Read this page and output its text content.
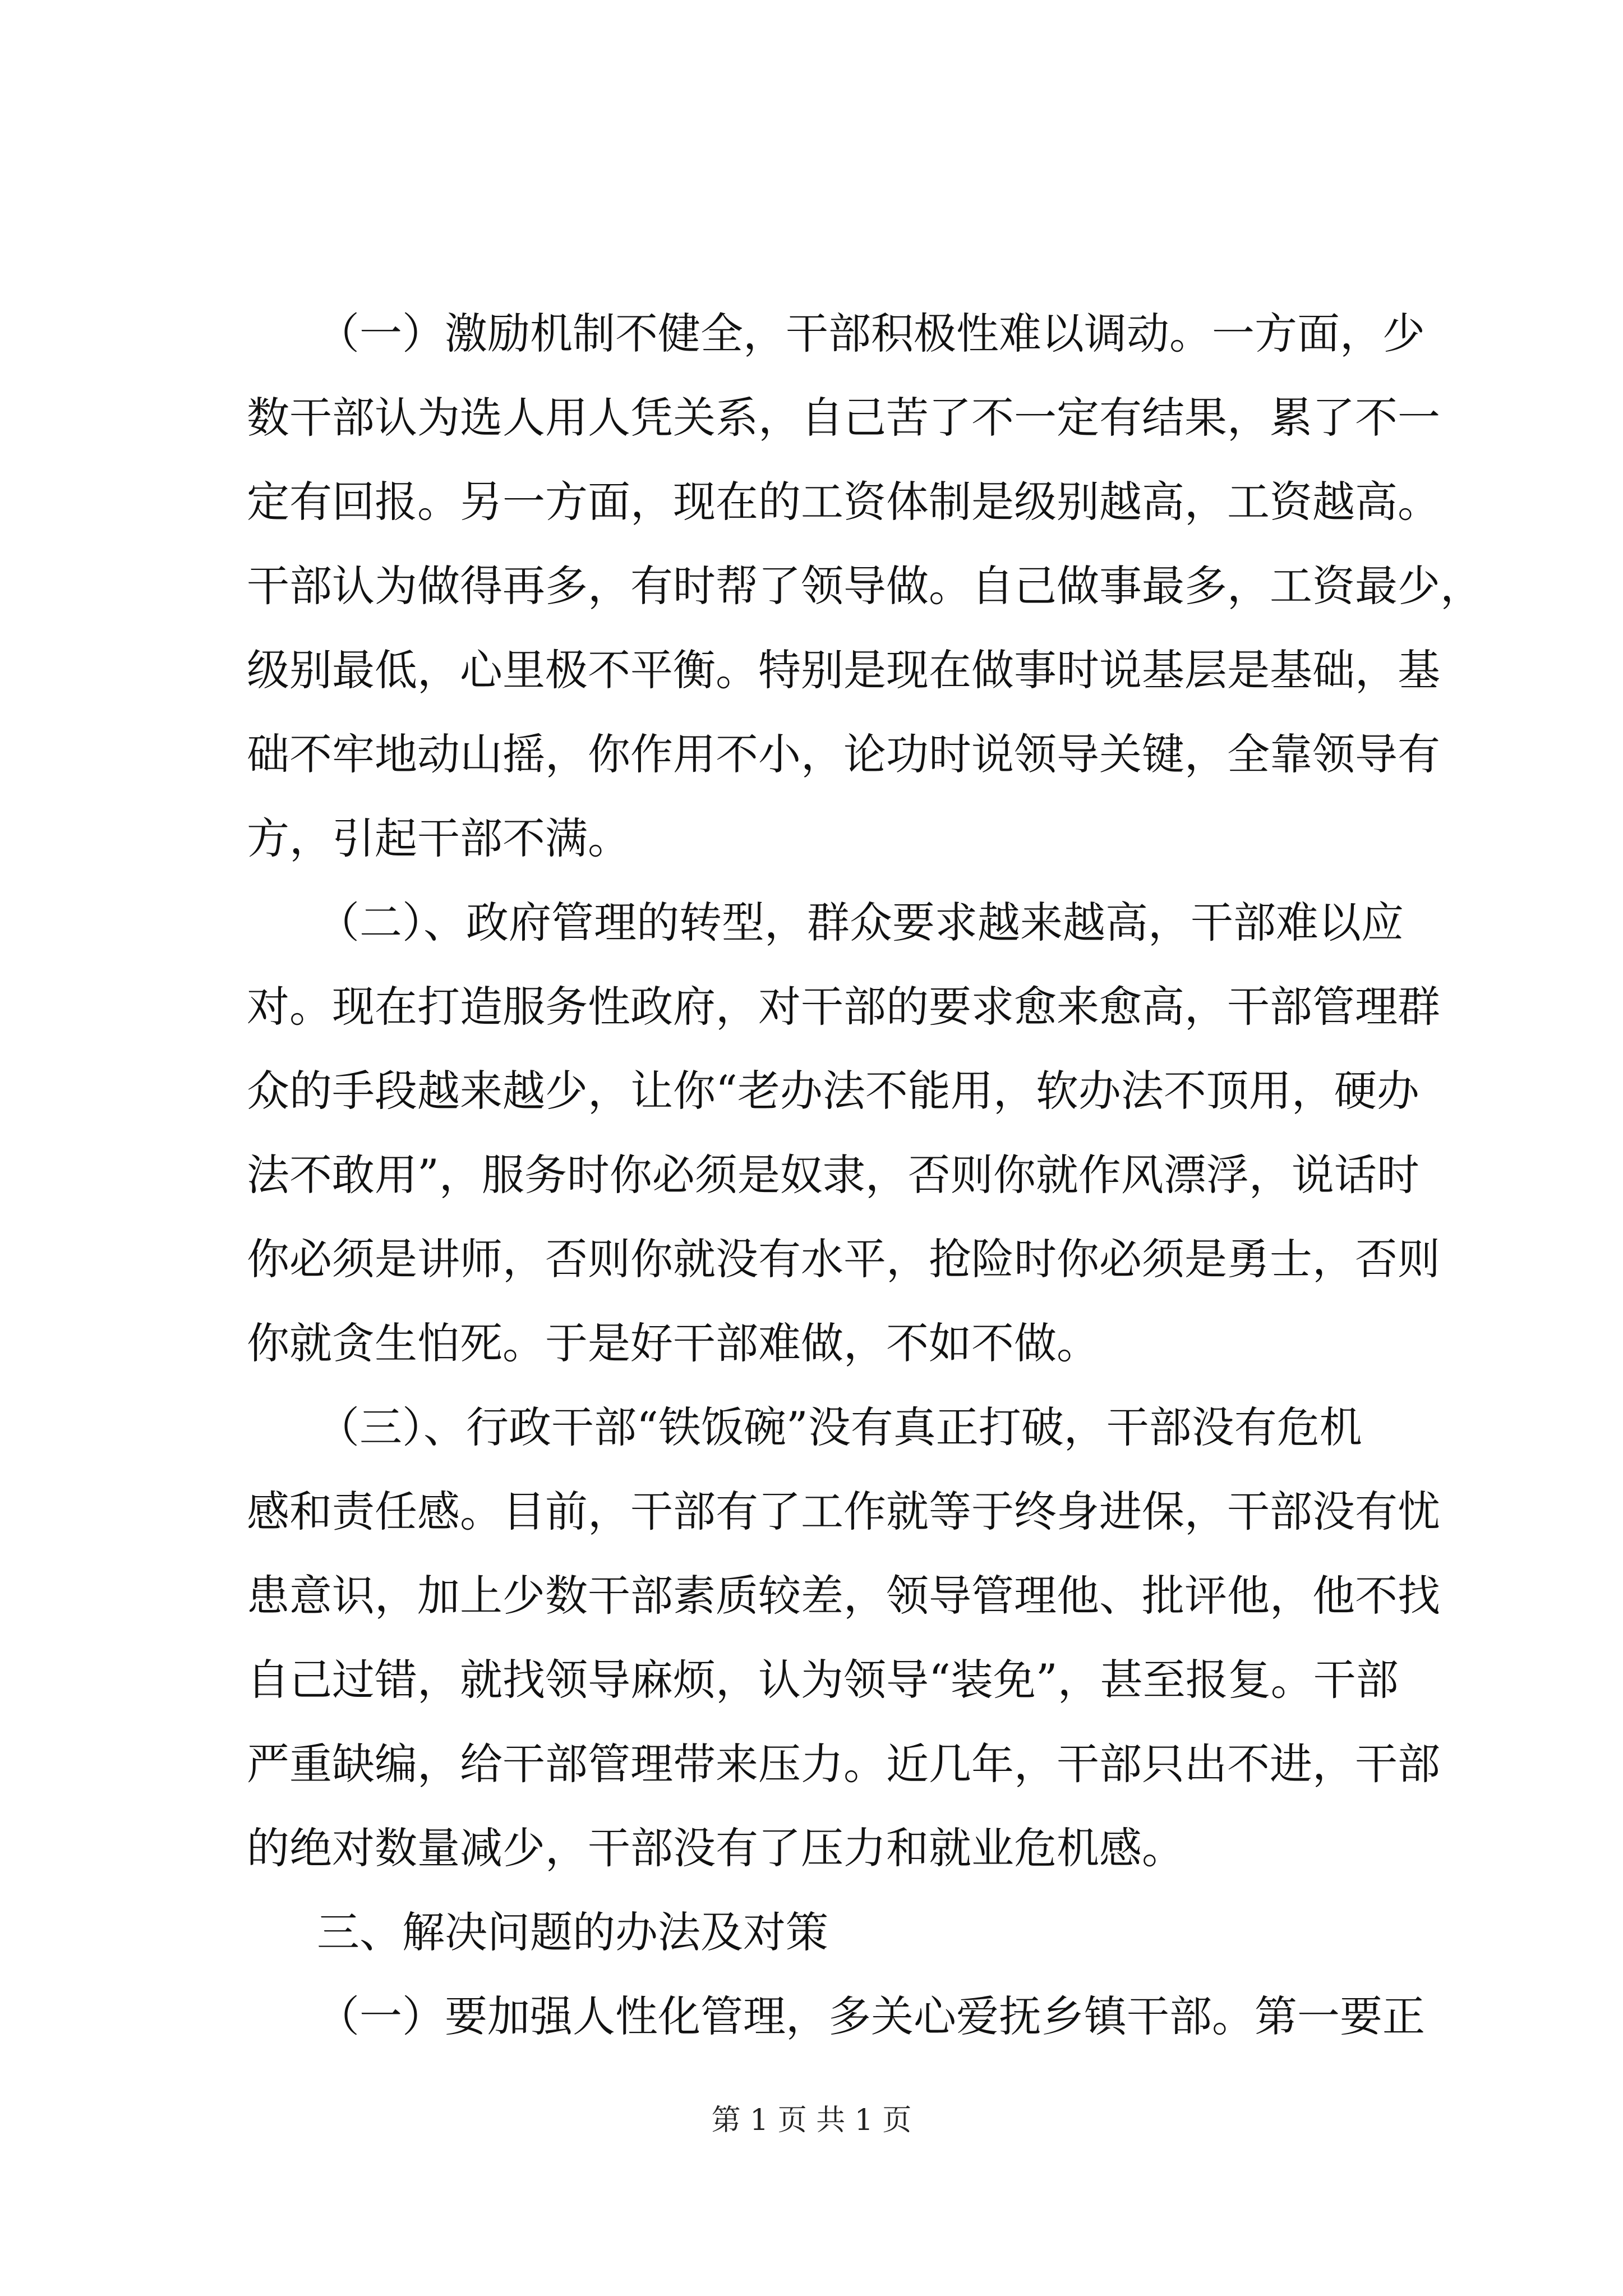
（一）激励机制不健全，干部积极性难以调动。一方面，少

数干部认为选人用人凭关系，自己苦了不一定有结果，累了不一

定有回报。另一方面，现在的工资体制是级别越高，工资越高。

干部认为做得再多，有时帮了领导做。自己做事最多，工资最少，

级别最低，心里极不平衡。特别是现在做事时说基层是基础，基

础不牢地动山摇，你作用不小，论功时说领导关键，全靠领导有

方，引起干部不满。

（二）、政府管理的转型，群众要求越来越高，干部难以应

对。现在打造服务性政府，对干部的要求愈来愈高，干部管理群

众的手段越来越少，让你“老办法不能用，软办法不顶用，硬办

法不敢用”，服务时你必须是奴隶，否则你就作风漂浮，说话时

你必须是讲师，否则你就没有水平，抢险时你必须是勇士，否则

你就贪生怕死。于是好干部难做，不如不做。

（三）、行政干部“铁饭碗”没有真正打破，干部没有危机

感和责任感。目前，干部有了工作就等于终身进保，干部没有忧

患意识，加上少数干部素质较差，领导管理他、批评他，他不找

自己过错，就找领导麻烦，认为领导“装免”，甚至报复。干部

严重缺编，给干部管理带来压力。近几年，干部只出不进，干部

的绝对数量减少，干部没有了压力和就业危机感。

三、解决问题的办法及对策

（一）要加强人性化管理，多关心爱抚乡镇干部。第一要正

第 1 页 共 1 页
